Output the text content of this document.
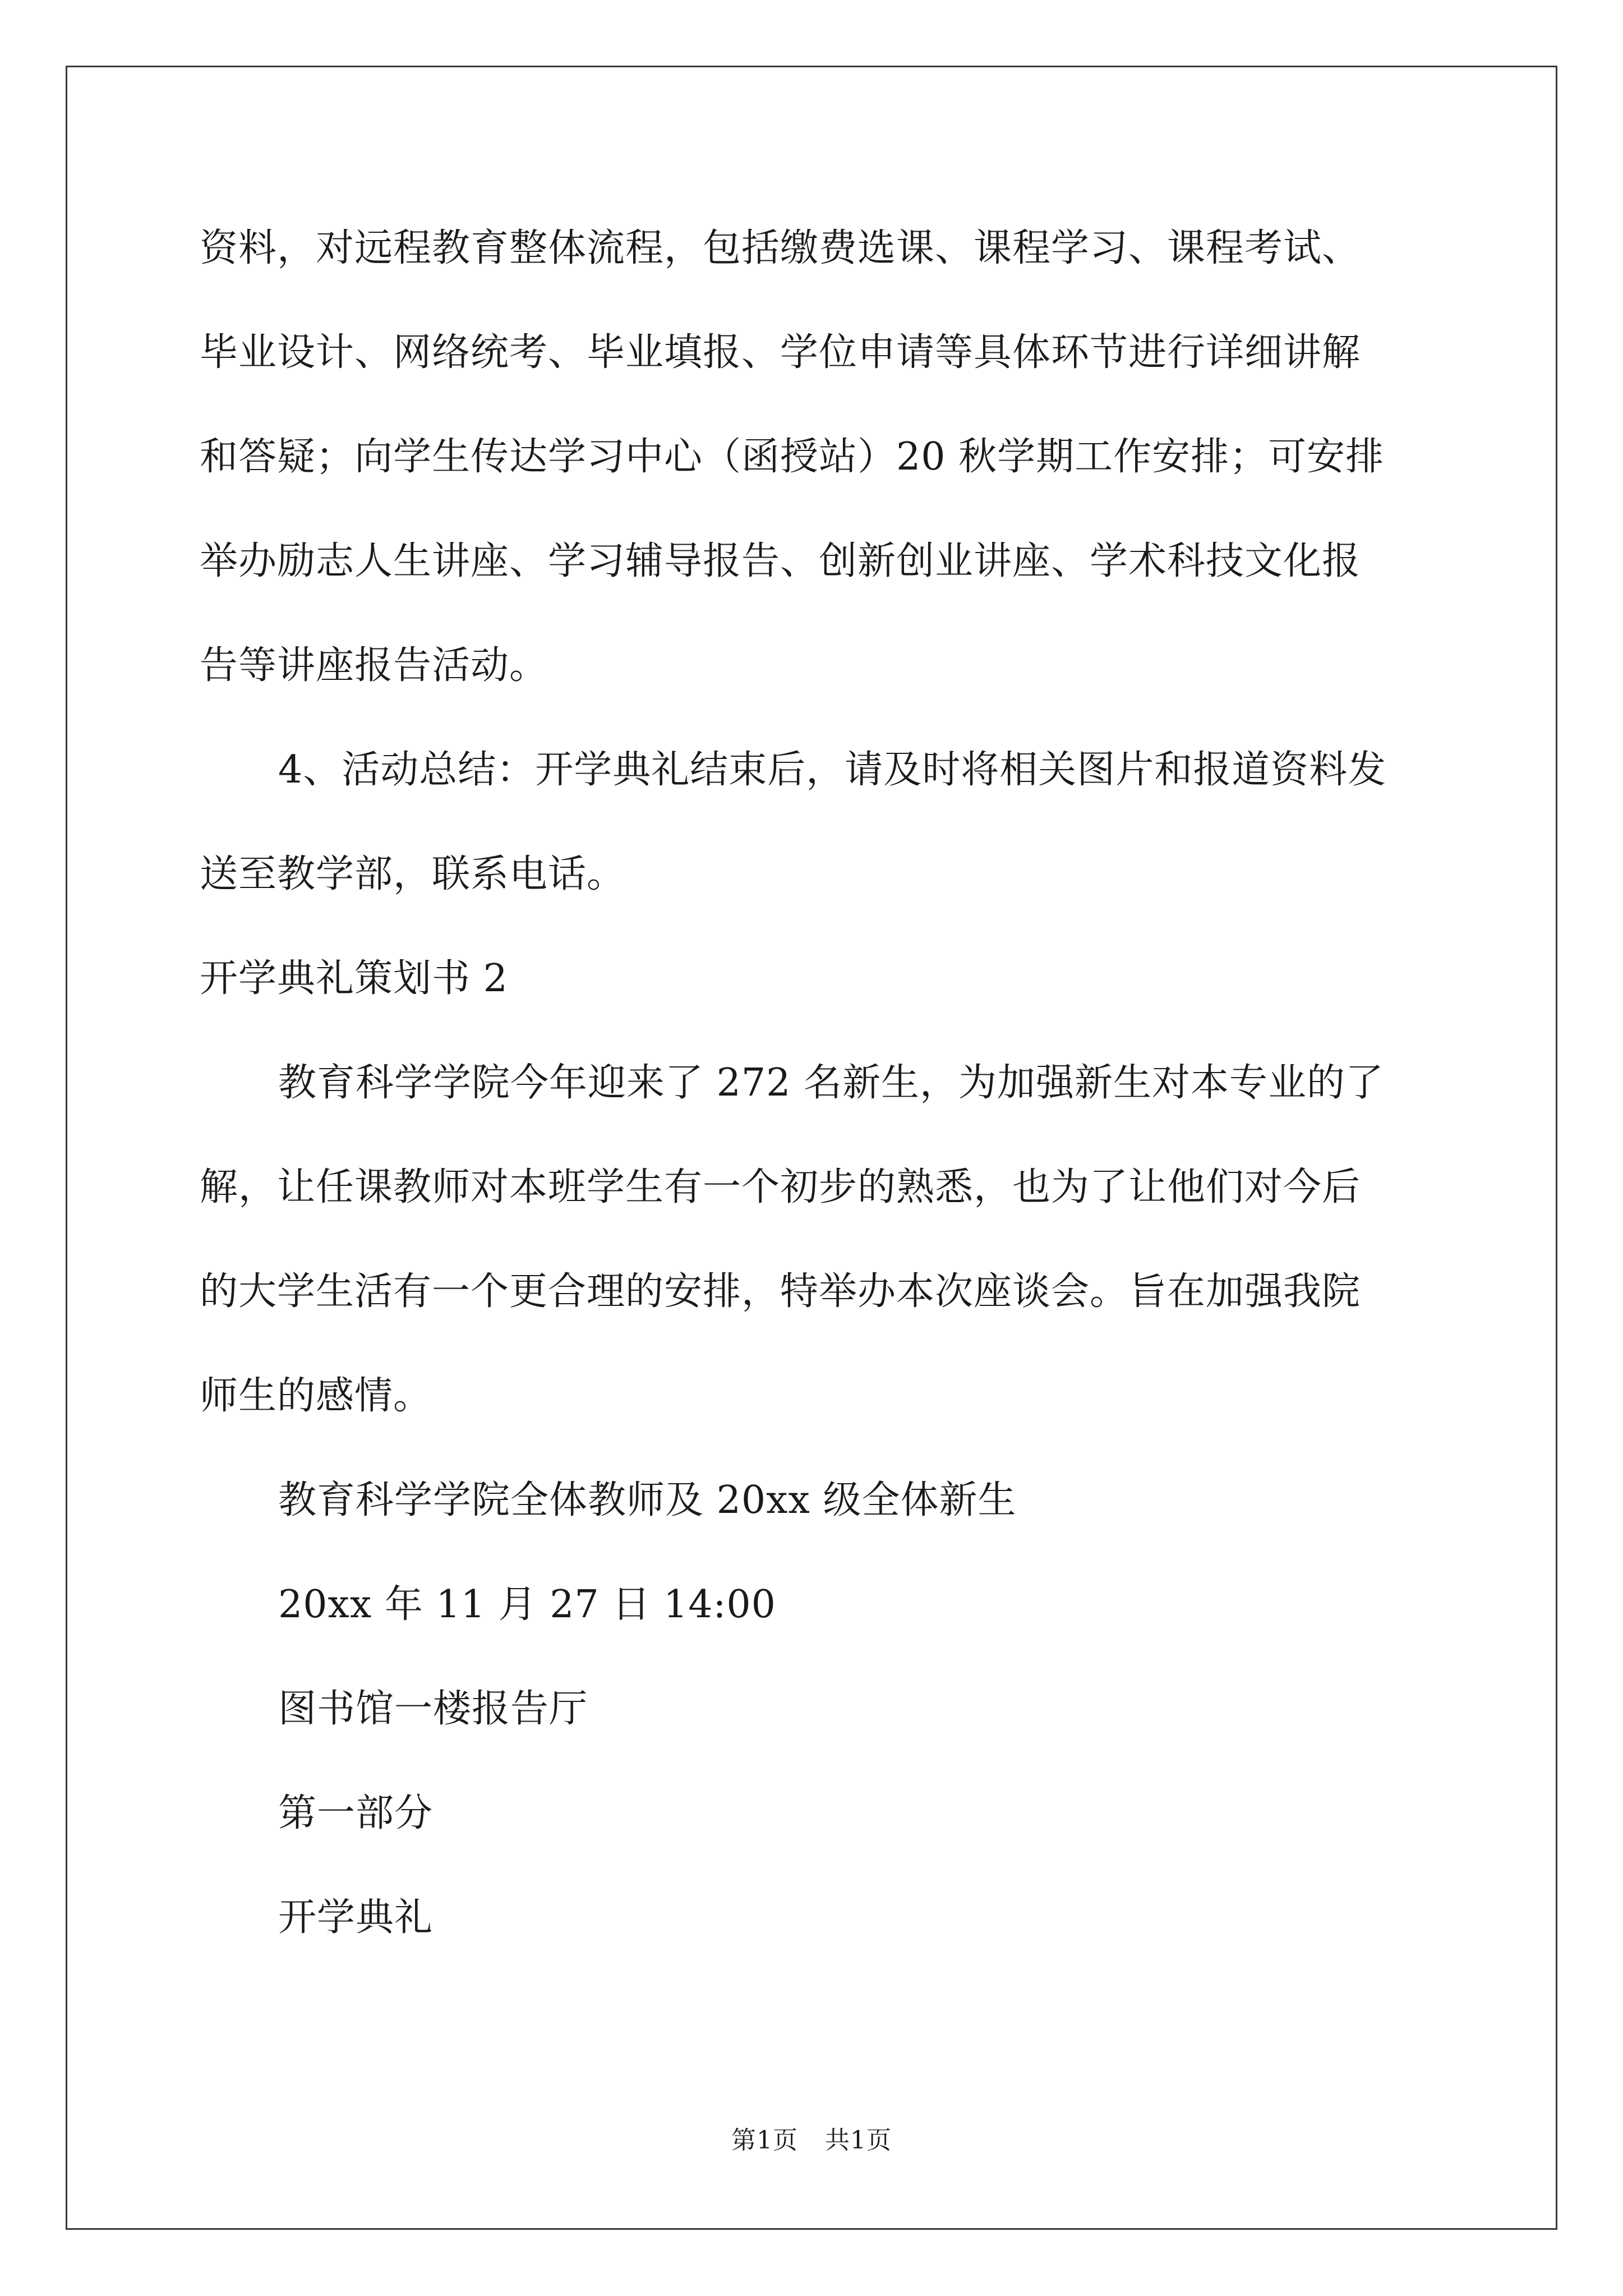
资料，对远程教育整体流程，包括缴费选课、课程学习、课程考试、
毕业设计、网络统考、毕业填报、学位申请等具体环节进行详细讲解
和答疑；向学生传达学习中心（函授站）20 秋学期工作安排；可安排
举办励志人生讲座、学习辅导报告、创新创业讲座、学术科技文化报
告等讲座报告活动。
4、活动总结：开学典礼结束后，请及时将相关图片和报道资料发
送至教学部，联系电话。
开学典礼策划书 2
教育科学学院今年迎来了 272 名新生，为加强新生对本专业的了
解，让任课教师对本班学生有一个初步的熟悉，也为了让他们对今后
的大学生活有一个更合理的安排，特举办本次座谈会。旨在加强我院
师生的感情。
教育科学学院全体教师及 20xx 级全体新生
20xx 年 11 月 27 日 14:00
图书馆一楼报告厅
第一部分
开学典礼
第1页 共1页
